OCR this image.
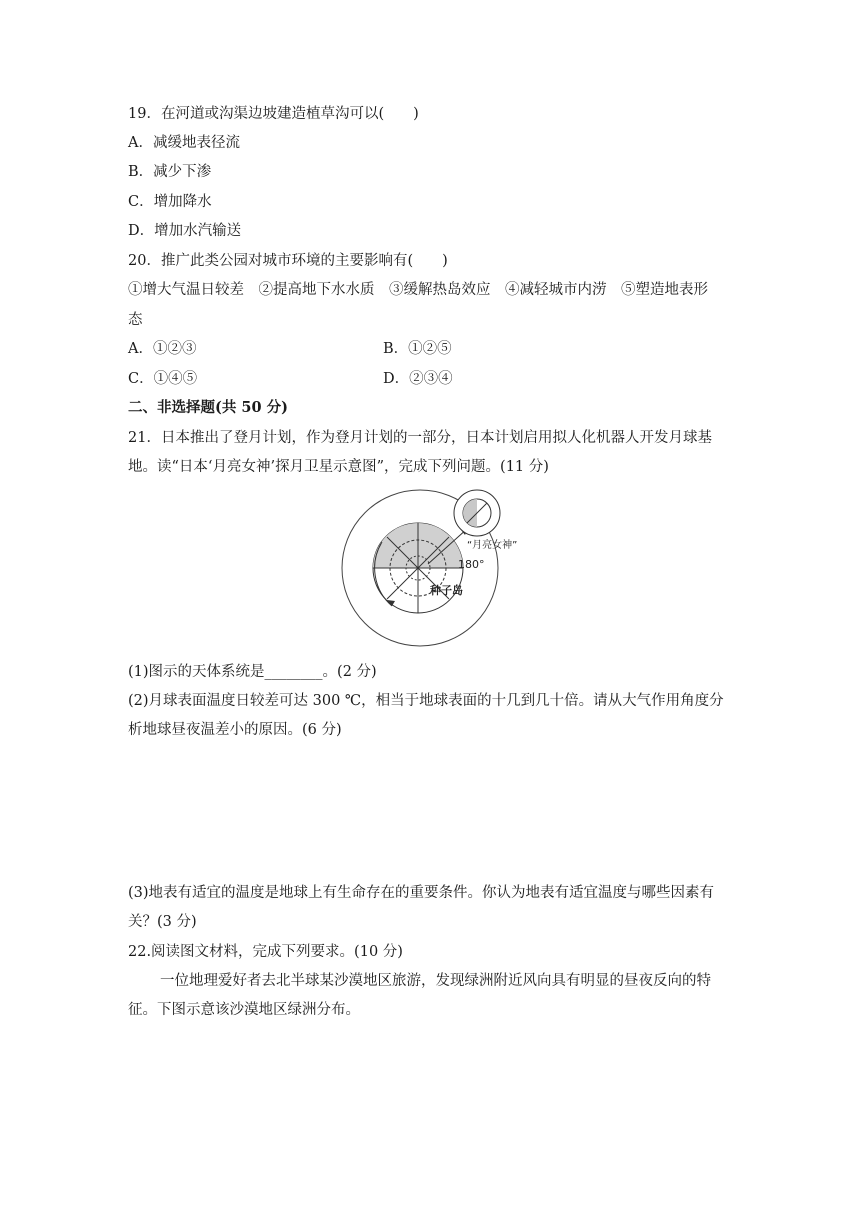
19．在河道或沟渠边坡建造植草沟可以(　　)
A．减缓地表径流
B．减少下渗
C．增加降水
D．增加水汽输送
20．推广此类公园对城市环境的主要影响有(　　)
①增大气温日较差　②提高地下水水质　③缓解热岛效应　④减轻城市内涝　⑤塑造地表形
态
A．①②③	B．①②⑤
C．①④⑤	D．②③④
二、非选择题(共 50 分)
21．日本推出了登月计划，作为登月计划的一部分，日本计划启用拟人化机器人开发月球基
地。读“日本‘月亮女神’探月卫星示意图”，完成下列问题。(11 分)
“月亮女神”
180°
种子岛
(1)图示的天体系统是________。(2 分)
(2)月球表面温度日较差可达 300 ℃，相当于地球表面的十几到几十倍。请从大气作用角度分
析地球昼夜温差小的原因。(6 分)
(3)地表有适宜的温度是地球上有生命存在的重要条件。你认为地表有适宜温度与哪些因素有
关？(3 分)
22.阅读图文材料，完成下列要求。(10 分)
一位地理爱好者去北半球某沙漠地区旅游，发现绿洲附近风向具有明显的昼夜反向的特
征。下图示意该沙漠地区绿洲分布。
